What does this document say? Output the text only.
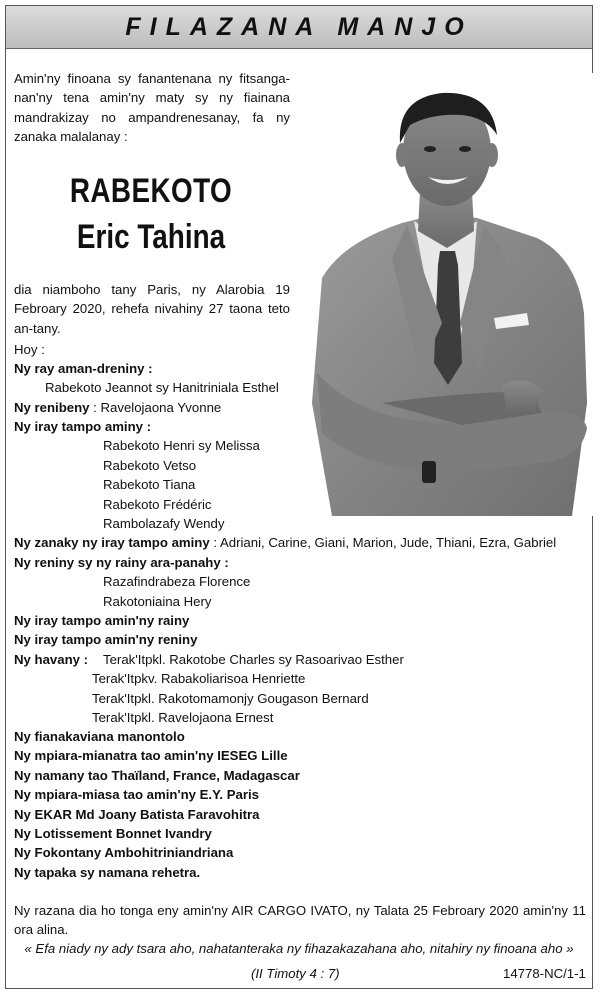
FILAZANA MANJO
Amin'ny finoana sy fanantenana ny fitsanga-nan'ny tena amin'ny maty sy ny fiainana mandrakizay no ampandrenesanay, fa ny zanaka malalanay :
RABEKOTO
Eric Tahina
dia niamboho tany Paris, ny Alarobia 19 Febroary 2020, rehefa nivahiny 27 taona teto an-tany.
Hoy :
Ny ray aman-dreniny :
Rabekoto Jeannot sy Hanitriniala Esthel
Ny renibeny : Ravelojaona Yvonne
Ny iray tampo aminy :
Rabekoto Henri sy Melissa
Rabekoto Vetso
Rabekoto Tiana
Rabekoto Frédéric
Rambolazafy Wendy
Ny zanaky ny iray tampo aminy : Adriani, Carine, Giani, Marion, Jude, Thiani, Ezra, Gabriel
Ny reniny sy ny rainy ara-panahy :
Razafindrabeza Florence
Rakotoniaina Hery
Ny iray tampo amin'ny rainy
Ny iray tampo amin'ny reniny
Ny havany : Terak'Itpkl. Rakotobe Charles sy Rasoarivao Esther
Terak'Itpkv. Rabakoliarisoa Henriette
Terak'Itpkl. Rakotomamonjy Gougason Bernard
Terak'Itpkl. Ravelojaona Ernest
Ny fianakaviana manontolo
Ny mpiara-mianatra tao amin'ny IESEG Lille
Ny namany tao Thaïland, France, Madagascar
Ny mpiara-miasa tao amin'ny E.Y. Paris
Ny EKAR Md Joany Batista Faravohitra
Ny Lotissement Bonnet Ivandry
Ny Fokontany Ambohitriniandriana
Ny tapaka sy namana rehetra.
Ny razana dia ho tonga eny amin'ny AIR CARGO IVATO, ny Talata 25 Febroary 2020 amin'ny 11 ora alina.
« Efa niady ny ady tsara aho, nahatanteraka ny fihazakazahana aho, nitahiry ny finoana aho »
(II Timoty 4 : 7)	14778-NC/1-1
